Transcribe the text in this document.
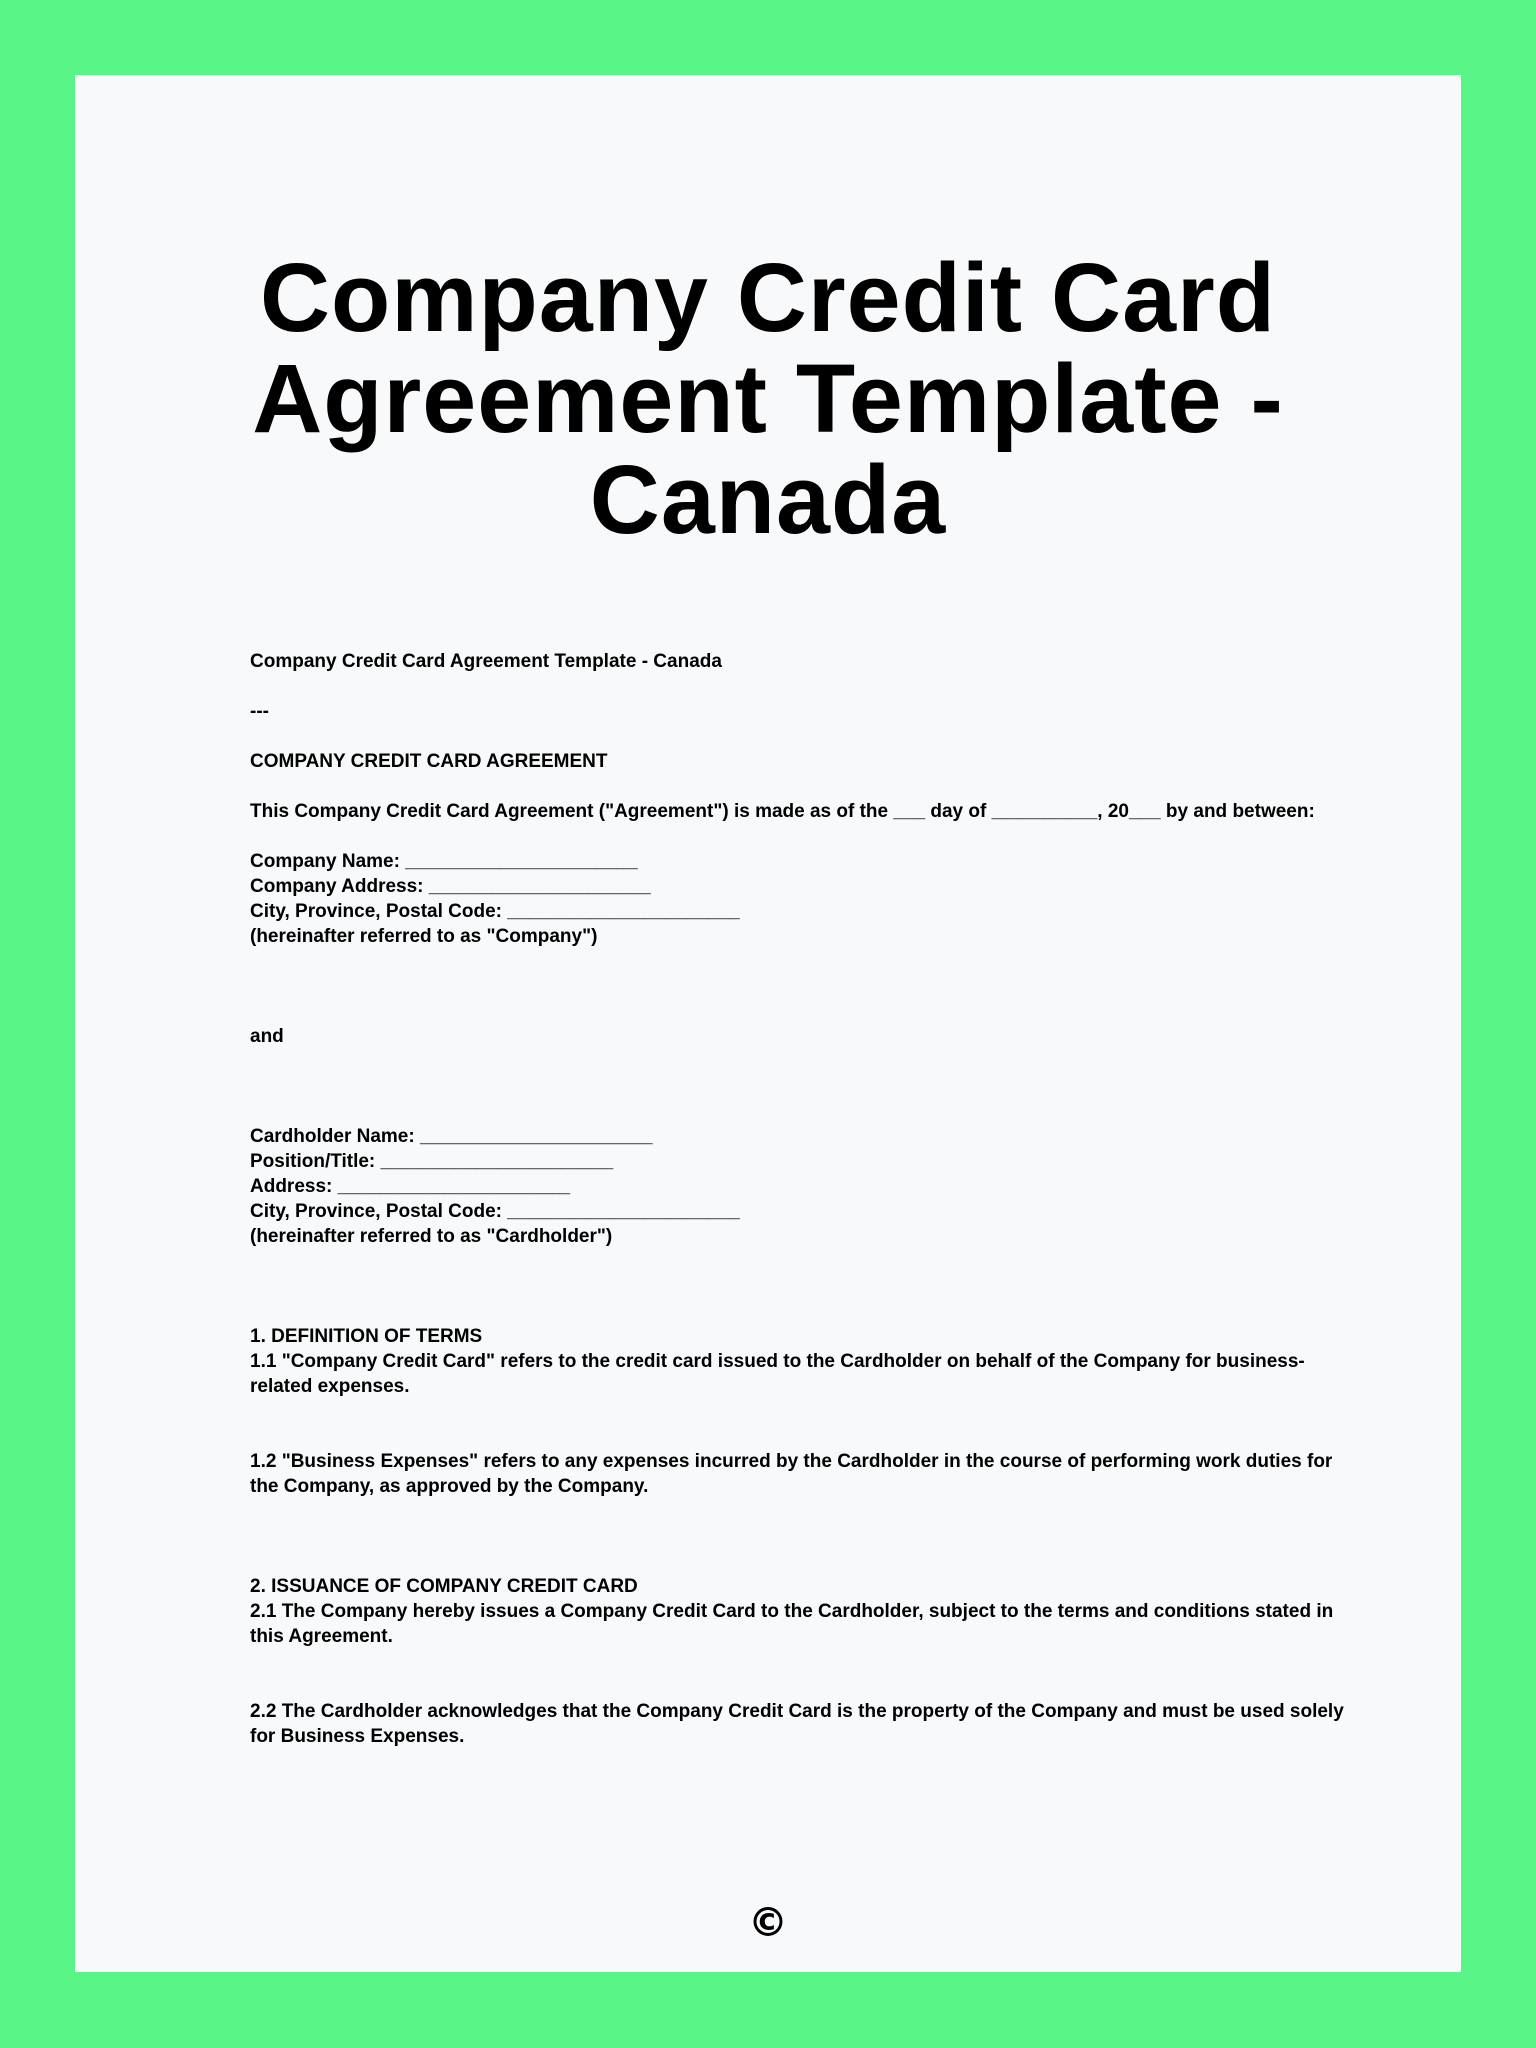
Company Credit Card
Agreement Template -
Canada

Company Credit Card Agreement Template - Canada

---

COMPANY CREDIT CARD AGREEMENT

This Company Credit Card Agreement ("Agreement") is made as of the ___ day of __________, 20___ by and between:

Company Name: ______________________

Company Address: _____________________

City, Province, Postal Code: ______________________

(hereinafter referred to as "Company")

and

Cardholder Name: ______________________

Position/Title: ______________________

Address: ______________________

City, Province, Postal Code: ______________________

(hereinafter referred to as "Cardholder")

1. DEFINITION OF TERMS

1.1 "Company Credit Card" refers to the credit card issued to the Cardholder on behalf of the Company for business-related expenses.

1.2 "Business Expenses" refers to any expenses incurred by the Cardholder in the course of performing work duties for the Company, as approved by the Company.

2. ISSUANCE OF COMPANY CREDIT CARD

2.1 The Company hereby issues a Company Credit Card to the Cardholder, subject to the terms and conditions stated in this Agreement.

2.2 The Cardholder acknowledges that the Company Credit Card is the property of the Company and must be used solely for Business Expenses.

©
